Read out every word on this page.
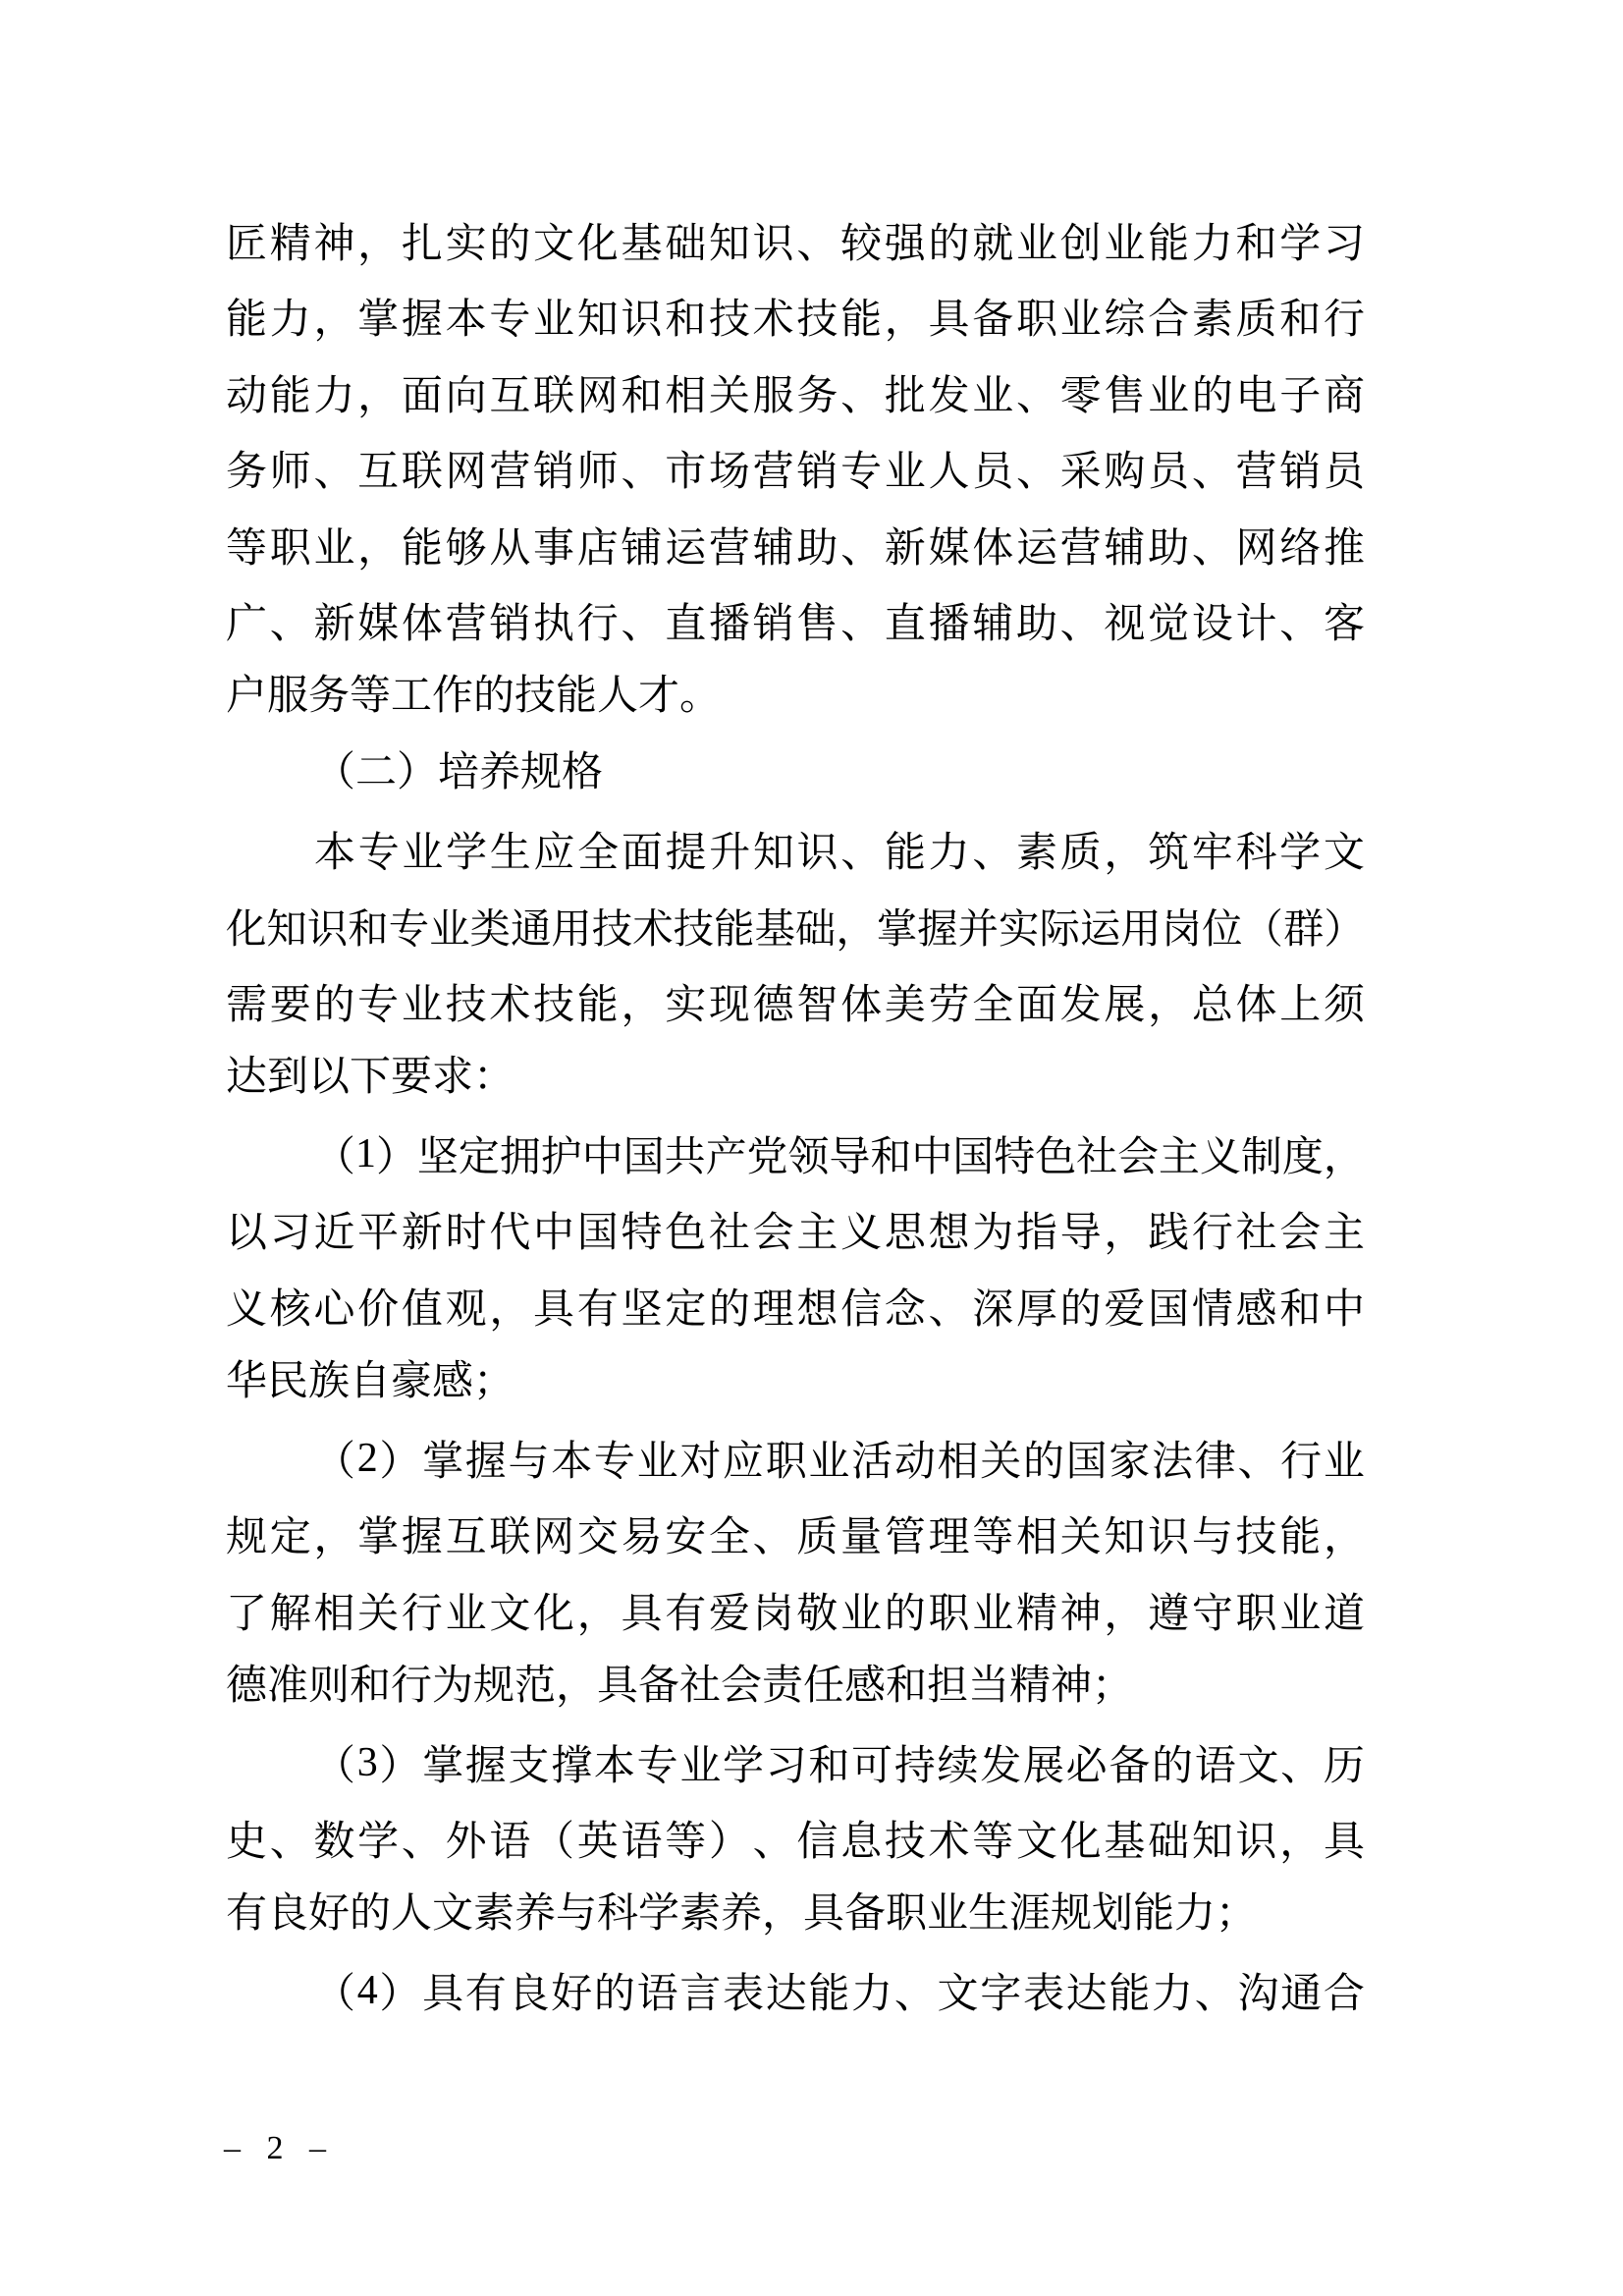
匠 精 神 ， 扎 实 的 文 化 基 础 知 识 、 较 强 的 就 业 创 业 能 力 和 学 习
能 力 ， 掌 握 本 专 业 知 识 和 技 术 技 能 ， 具 备 职 业 综 合 素 质 和 行
动 能 力 ， 面 向 互 联 网 和 相 关 服 务 、 批 发 业 、 零 售 业 的 电 子 商
务 师 、 互 联 网 营 销 师 、 市 场 营 销 专 业 人 员 、 采 购 员 、 营 销 员
等 职 业 ， 能 够 从 事 店 铺 运 营 辅 助 、 新 媒 体 运 营 辅 助 、 网 络 推
广 、 新 媒 体 营 销 执 行 、 直 播 销 售 、 直 播 辅 助 、 视 觉 设 计 、 客
户服务等工作的技能人才。
（二）培养规格
本 专 业 学 生 应 全 面 提 升 知 识 、 能 力 、 素 质 ， 筑 牢 科 学 文
化 知 识 和 专 业 类 通 用 技 术 技 能 基 础 ， 掌 握 并 实 际 运 用 岗 位 （ 群 ）
需 要 的 专 业 技 术 技 能 ， 实 现 德 智 体 美 劳 全 面 发 展 ， 总 体 上 须
达到以下要求：
（ 1 ） 坚 定 拥 护 中 国 共 产 党 领 导 和 中 国 特 色 社 会 主 义 制 度 ，
以 习 近 平 新 时 代 中 国 特 色 社 会 主 义 思 想 为 指 导 ， 践 行 社 会 主
义 核 心 价 值 观 ， 具 有 坚 定 的 理 想 信 念 、 深 厚 的 爱 国 情 感 和 中
华民族自豪感；
（ 2 ） 掌 握 与 本 专 业 对 应 职 业 活 动 相 关 的 国 家 法 律 、 行 业
规 定 ， 掌 握 互 联 网 交 易 安 全 、 质 量 管 理 等 相 关 知 识 与 技 能 ，
了 解 相 关 行 业 文 化 ， 具 有 爱 岗 敬 业 的 职 业 精 神 ， 遵 守 职 业 道
德准则和行为规范，具备社会责任感和担当精神；
（ 3 ） 掌 握 支 撑 本 专 业 学 习 和 可 持 续 发 展 必 备 的 语 文 、 历
史 、 数 学 、 外 语 （ 英 语 等 ） 、 信 息 技 术 等 文 化 基 础 知 识 ， 具
有良好的人文素养与科学素养，具备职业生涯规划能力；
（ 4 ） 具 有 良 好 的 语 言 表 达 能 力 、 文 字 表 达 能 力 、 沟 通 合
– 2 –
